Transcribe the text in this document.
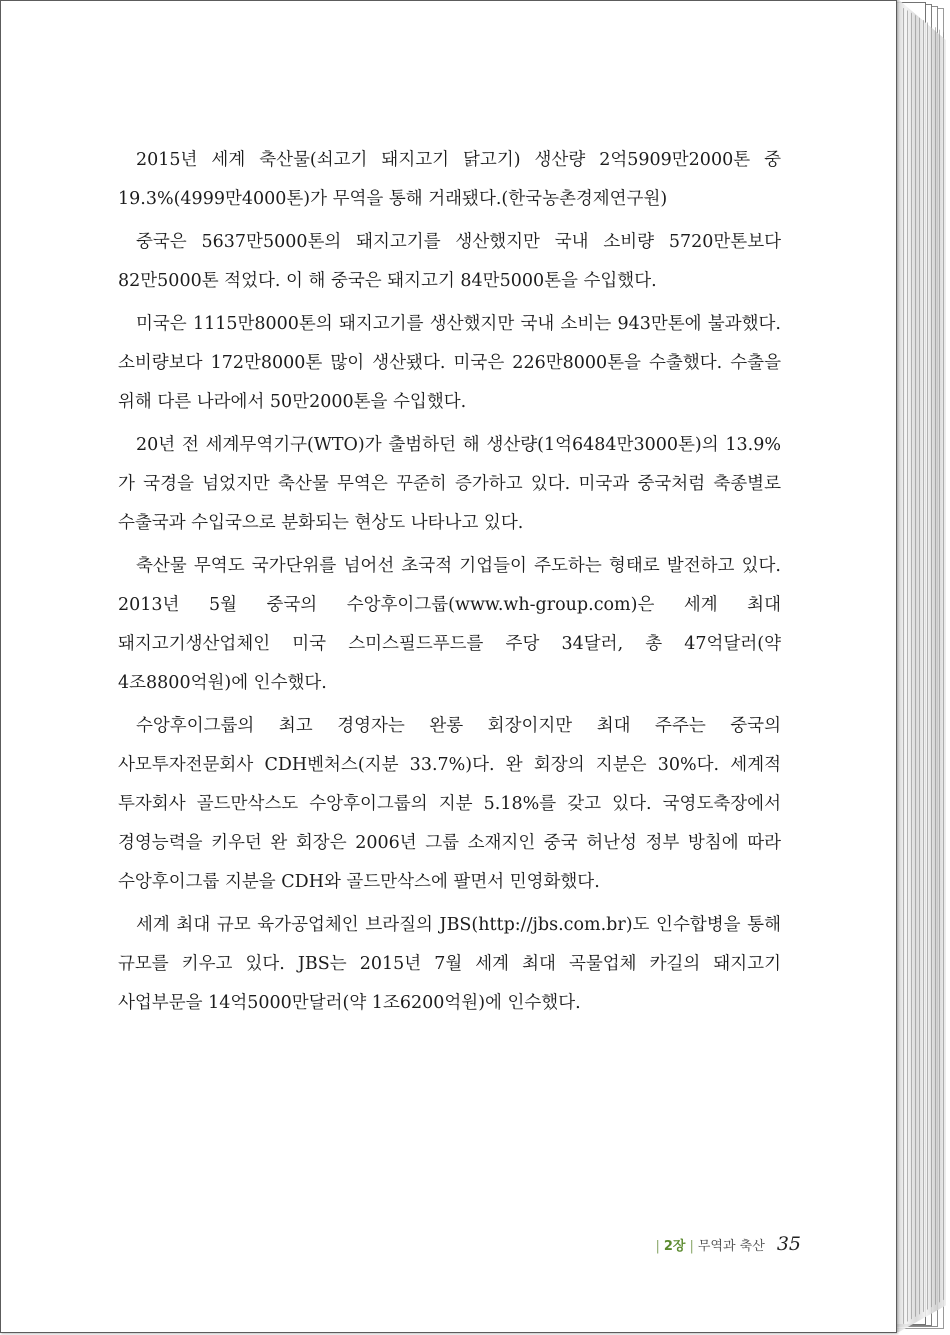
2015년 세계 축산물(쇠고기 돼지고기 닭고기) 생산량 2억5909만2000톤 중 19.3%(4999만4000톤)가 무역을 통해 거래됐다.(한국농촌경제연구원)

중국은 5637만5000톤의 돼지고기를 생산했지만 국내 소비량 5720만톤보다 82만5000톤 적었다. 이 해 중국은 돼지고기 84만5000톤을 수입했다.

미국은 1115만8000톤의 돼지고기를 생산했지만 국내 소비는 943만톤에 불과했다. 소비량보다 172만8000톤 많이 생산됐다. 미국은 226만8000톤을 수출했다. 수출을 위해 다른 나라에서 50만2000톤을 수입했다.

20년 전 세계무역기구(WTO)가 출범하던 해 생산량(1억6484만3000톤)의 13.9%가 국경을 넘었지만 축산물 무역은 꾸준히 증가하고 있다. 미국과 중국처럼 축종별로 수출국과 수입국으로 분화되는 현상도 나타나고 있다.

축산물 무역도 국가단위를 넘어선 초국적 기업들이 주도하는 형태로 발전하고 있다. 2013년 5월 중국의 수앙후이그룹(www.wh-group.com)은 세계 최대 돼지고기생산업체인 미국 스미스필드푸드를 주당 34달러, 총 47억달러(약 4조8800억원)에 인수했다.

수앙후이그룹의 최고 경영자는 완롱 회장이지만 최대 주주는 중국의 사모투자전문회사 CDH벤처스(지분 33.7%)다. 완 회장의 지분은 30%다. 세계적 투자회사 골드만삭스도 수앙후이그룹의 지분 5.18%를 갖고 있다. 국영도축장에서 경영능력을 키우던 완 회장은 2006년 그룹 소재지인 중국 허난성 정부 방침에 따라 수앙후이그룹 지분을 CDH와 골드만삭스에 팔면서 민영화했다.

세계 최대 규모 육가공업체인 브라질의 JBS(http://jbs.com.br)도 인수합병을 통해 규모를 키우고 있다. JBS는 2015년 7월 세계 최대 곡물업체 카길의 돼지고기 사업부문을 14억5000만달러(약 1조6200억원)에 인수했다.

| 2장 | 무역과 축산 35
